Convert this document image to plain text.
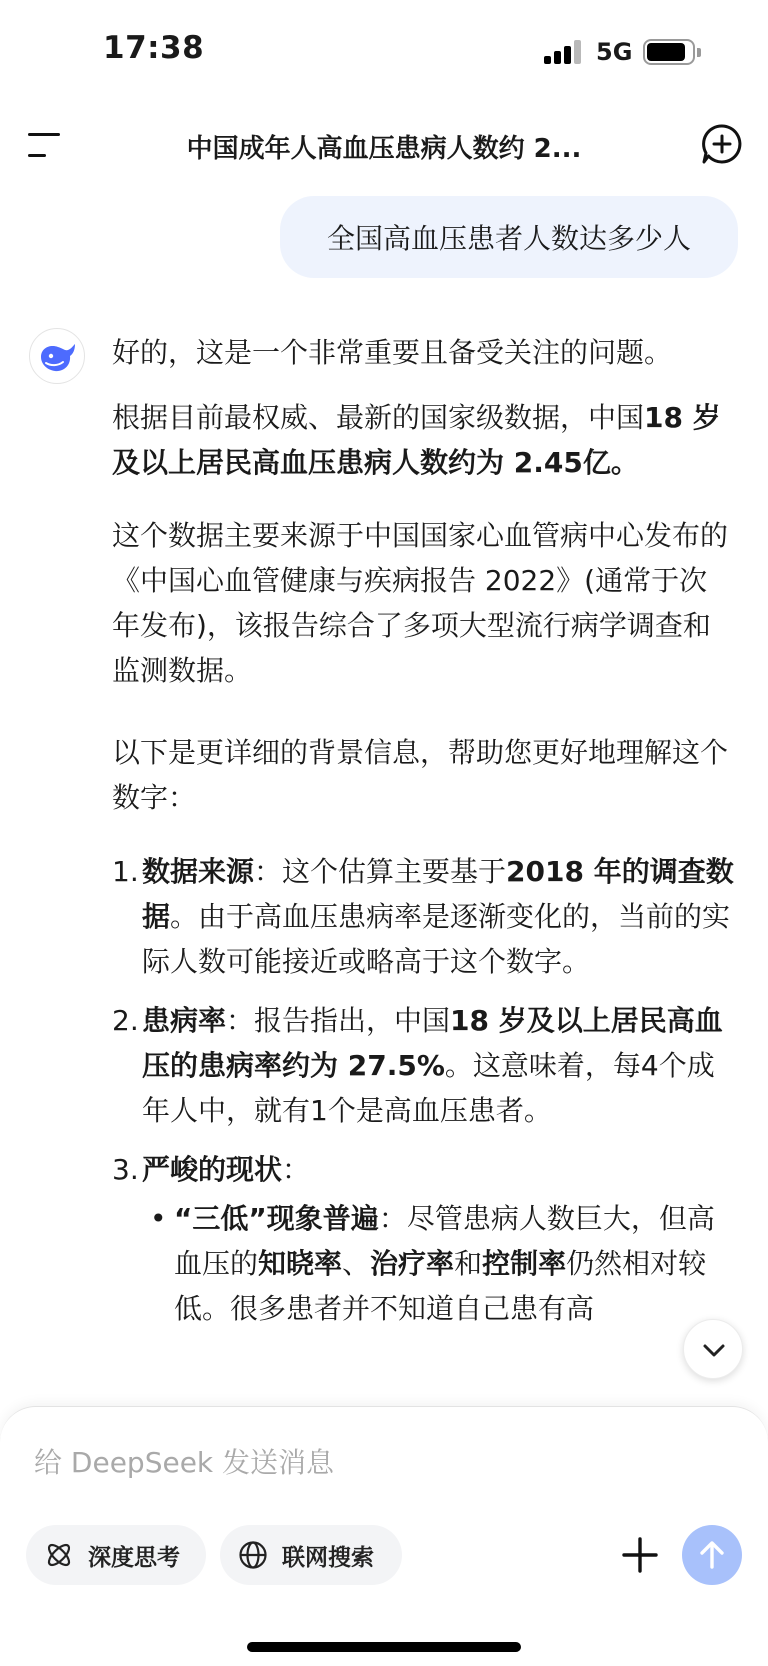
17:38	5G
中国成年人高血压患病人数约 2...
全国高血压患者人数达多少人

好的，这是一个非常重要且备受关注的问题。

根据目前最权威、最新的国家级数据，中国18 岁及以上居民高血压患病人数约为 2.45亿。

这个数据主要来源于中国国家心血管病中心发布的《中国心血管健康与疾病报告 2022》(通常于次年发布)，该报告综合了多项大型流行病学调查和监测数据。

以下是更详细的背景信息，帮助您更好地理解这个数字：

1. 数据来源：这个估算主要基于2018 年的调查数据。由于高血压患病率是逐渐变化的，当前的实际人数可能接近或略高于这个数字。
2. 患病率：报告指出，中国18 岁及以上居民高血压的患病率约为 27.5%。这意味着，每4个成年人中，就有1个是高血压患者。
3. 严峻的现状：
• “三低”现象普遍：尽管患病人数巨大，但高血压的知晓率、治疗率和控制率仍然相对较低。很多患者并不知道自己患有高
给 DeepSeek 发送消息
深度思考	联网搜索
